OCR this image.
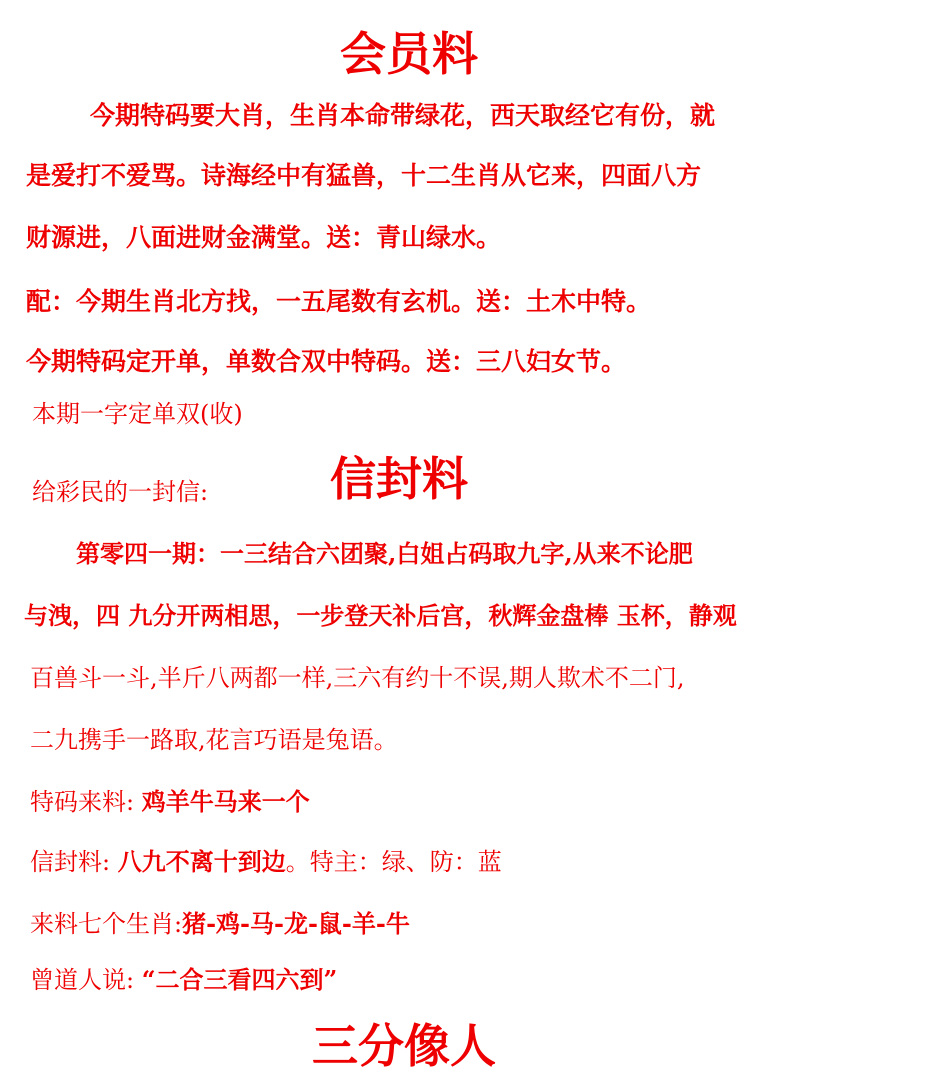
会员料
信封料
三分像人
今期特码要大肖，生肖本命带绿花，西天取经它有份，就
是爱打不爱骂。诗海经中有猛兽，十二生肖从它来，四面八方
财源进，八面进财金满堂。送：青山绿水。
配：今期生肖北方找，一五尾数有玄机。送：土木中特。
今期特码定开单，单数合双中特码。送：三八妇女节。
本期一字定单双(收)
给彩民的一封信:
第零四一期：一三结合六团聚,白姐占码取九字,从来不论肥
与洩，四 九分开两相思，一步登天补后宫，秋辉金盘棒 玉杯，静观
百兽斗一斗,半斤八两都一样,三六有约十不误,期人欺术不二门,
二九携手一路取,花言巧语是兔语。
特码来料: 鸡羊牛马来一个
信封料: 八九不离十到边。特主：绿、防：蓝
来料七个生肖:猪-鸡-马-龙-鼠-羊-牛
曾道人说: “二合三看四六到”
